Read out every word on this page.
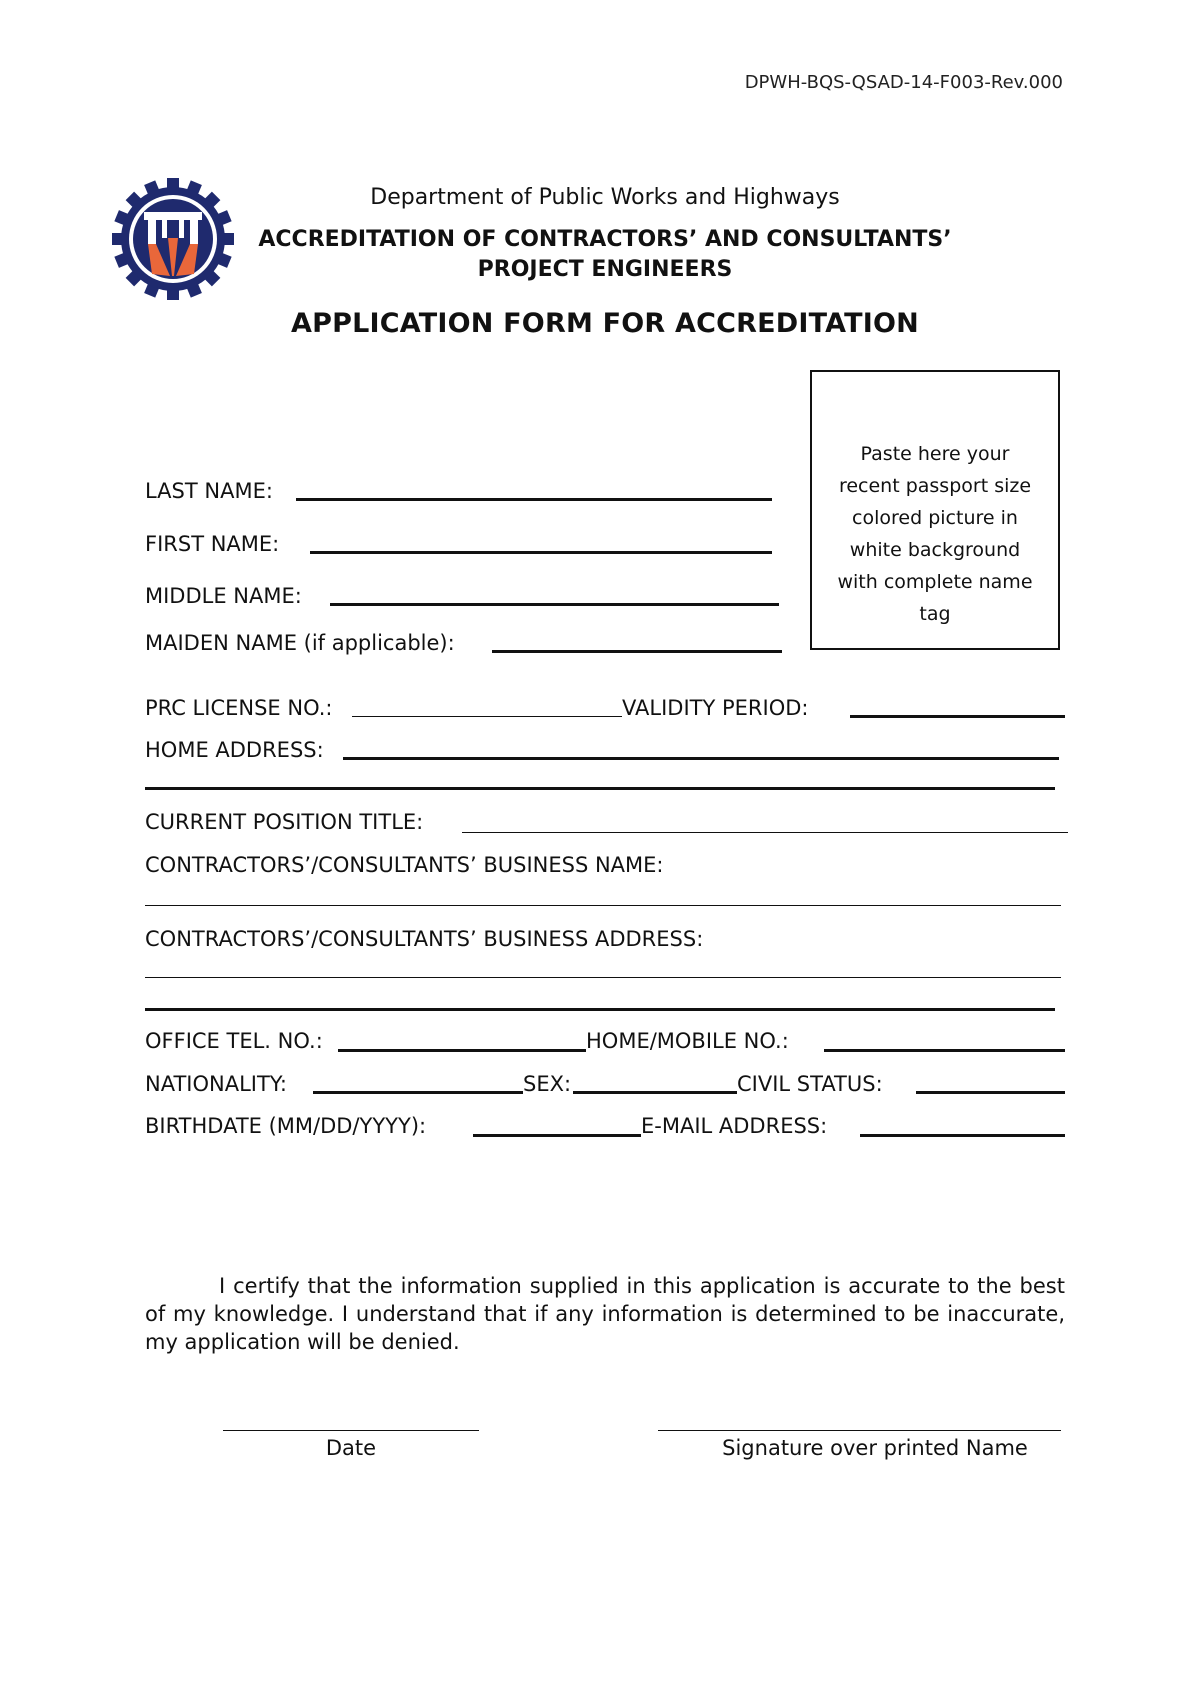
DPWH-BQS-QSAD-14-F003-Rev.000
Department of Public Works and Highways
ACCREDITATION OF CONTRACTORS’ AND CONSULTANTS’
PROJECT ENGINEERS
APPLICATION FORM FOR ACCREDITATION
Paste here your recent passport size colored picture in white background with complete name tag
LAST NAME:
FIRST NAME:
MIDDLE NAME:
MAIDEN NAME (if applicable):
PRC LICENSE NO.:	VALIDITY PERIOD:
HOME ADDRESS:
CURRENT POSITION TITLE:
CONTRACTORS’/CONSULTANTS’ BUSINESS NAME:
CONTRACTORS’/CONSULTANTS’ BUSINESS ADDRESS:
OFFICE TEL. NO.:	HOME/MOBILE NO.:
NATIONALITY:	SEX:	CIVIL STATUS:
BIRTHDATE (MM/DD/YYYY):	E-MAIL ADDRESS:
I certify that the information supplied in this application is accurate to the best of my knowledge. I understand that if any information is determined to be inaccurate, my application will be denied.
Date	Signature over printed Name
